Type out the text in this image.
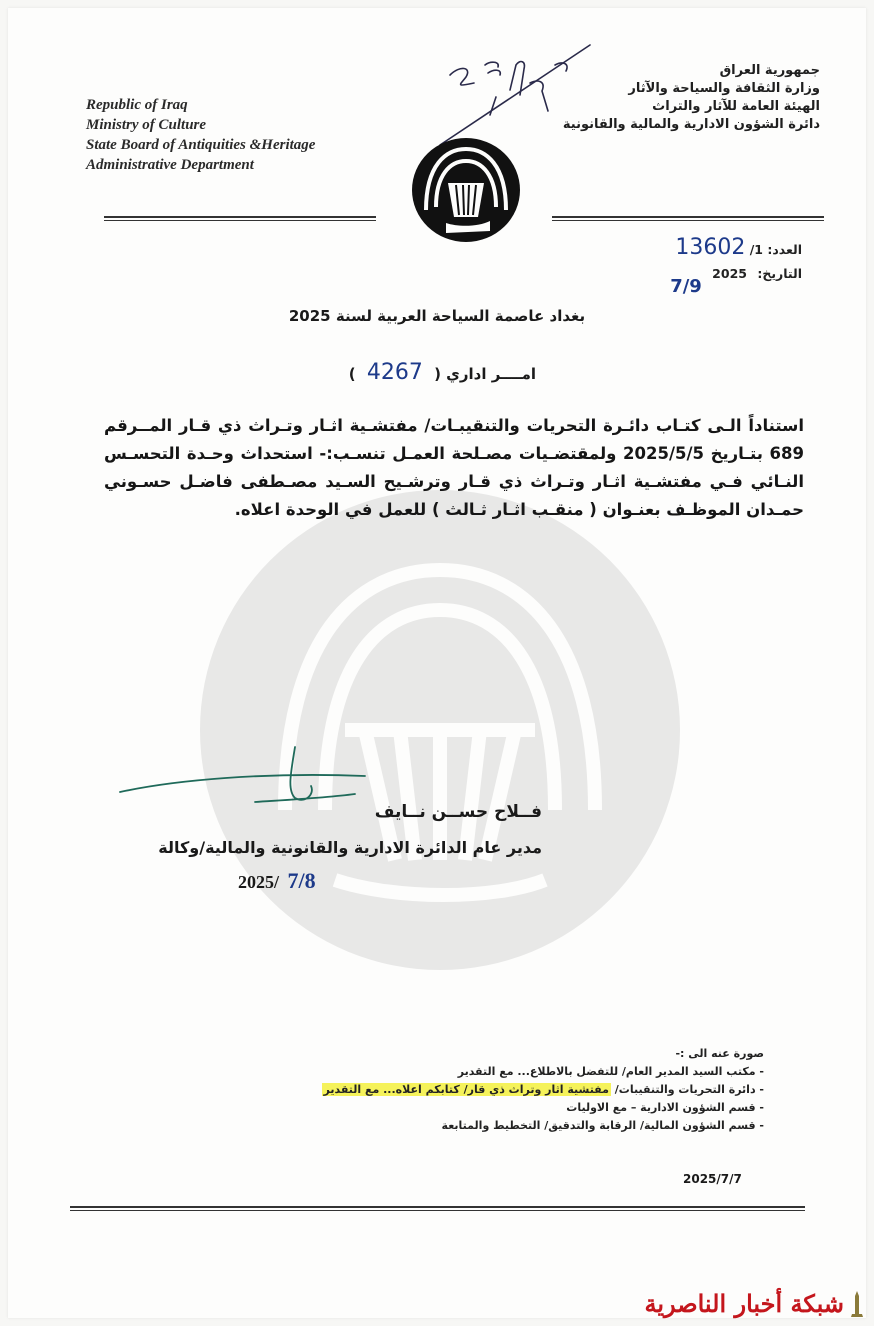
Republic of Iraq
Ministry of Culture
State Board of Antiquities &Heritage
Administrative Department
جمهورية العراق
وزارة الثقافة والسياحة والآثار
الهيئة العامة للآثار والتراث
دائرة الشؤون الادارية والمالية والقانونية
العدد: 1/ 13602
التاريخ: 2025 7/9
بغداد عاصمة السياحة العربية لسنة 2025
امــــر اداري ( 4267 )
استناداً الـى كتـاب دائـرة التحريات والتنقيبـات/ مفتشـية اثـار وتـراث ذي قـار المــرقم 689 بتـاريخ 2025/5/5 ولمقتضـيات مصـلحة العمـل تنسـب:- استحداث وحـدة التحسـس النـائي فـي مفتشـية اثـار وتـراث ذي قـار وترشـيح السـيد مصـطفى فاضـل حسـوني حمـدان الموظـف بعنـوان ( منقـب اثـار ثـالث ) للعمل في الوحدة اعلاه.
فــلاح حســن نــايف
مدير عام الدائرة الادارية والقانونية والمالية/وكالة
2025/ 7/8
صورة عنه الى :-
- مكتب السيد المدير العام/ للتفضل بالاطلاع... مع التقدير
- دائرة التحريات والتنقيبات/ مفتشية اثار وتراث ذي قار/ كتابكم اعلاه... مع التقدير
- قسم الشؤون الادارية – مع الاوليات
- قسم الشؤون المالية/ الرقابة والتدقيق/ التخطيط والمتابعة
2025/7/7
شبكة أخبار الناصرية
